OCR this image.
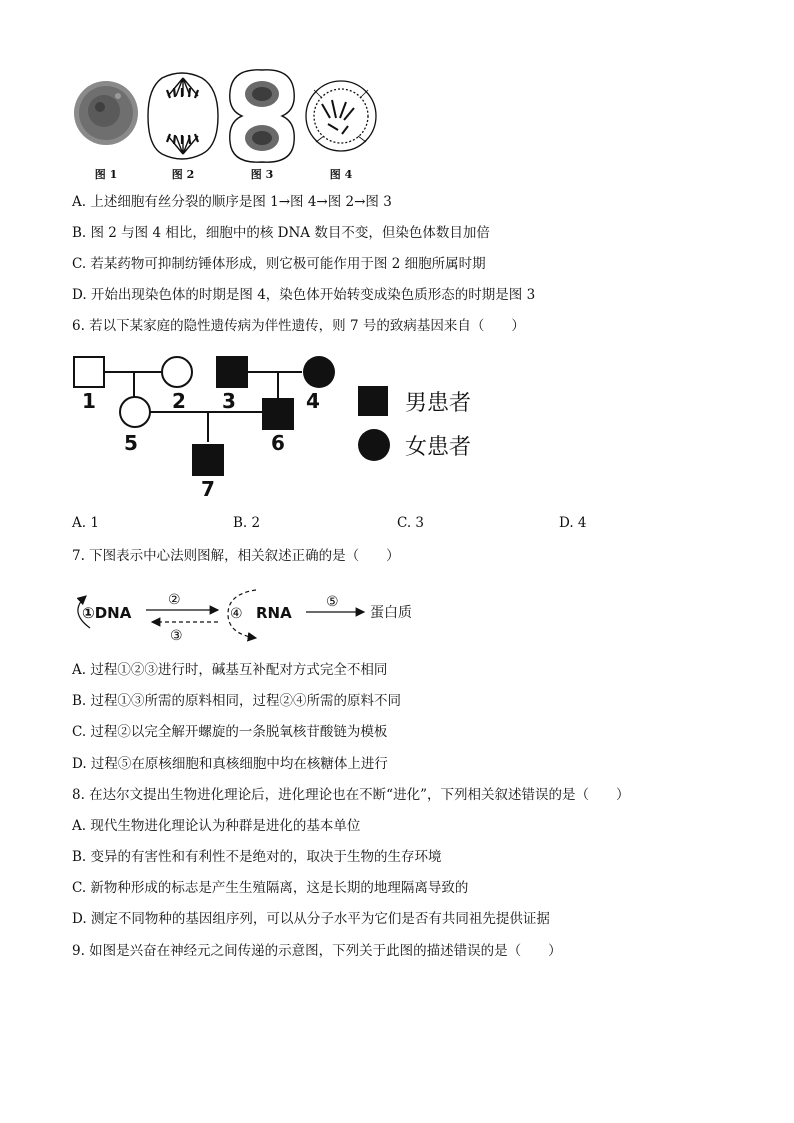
图 1	图 2	图 3	图 4
A. 上述细胞有丝分裂的顺序是图 1→图 4→图 2→图 3
B. 图 2 与图 4 相比，细胞中的核 DNA 数目不变，但染色体数目加倍
C. 若某药物可抑制纺锤体形成，则它极可能作用于图 2 细胞所属时期
D. 开始出现染色体的时期是图 4，染色体开始转变成染色质形态的时期是图 3
6. 若以下某家庭的隐性遗传病为伴性遗传，则 7 号的致病基因来自（　　）
1	2 3	4
5	6
7
男患者
女患者
A. 1	B. 2	C. 3	D. 4
7. 下图表示中心法则图解，相关叙述正确的是（　　）
①DNA
②
③
④ RNA
⑤
蛋白质
A. 过程①②③进行时，碱基互补配对方式完全不相同
B. 过程①③所需的原料相同，过程②④所需的原料不同
C. 过程②以完全解开螺旋的一条脱氧核苷酸链为模板
D. 过程⑤在原核细胞和真核细胞中均在核糖体上进行
8. 在达尔文提出生物进化理论后，进化理论也在不断“进化”，下列相关叙述错误的是（　　）
A. 现代生物进化理论认为种群是进化的基本单位
B. 变异的有害性和有利性不是绝对的，取决于生物的生存环境
C. 新物种形成的标志是产生生殖隔离，这是长期的地理隔离导致的
D. 测定不同物种的基因组序列，可以从分子水平为它们是否有共同祖先提供证据
9. 如图是兴奋在神经元之间传递的示意图，下列关于此图的描述错误的是（　　）
